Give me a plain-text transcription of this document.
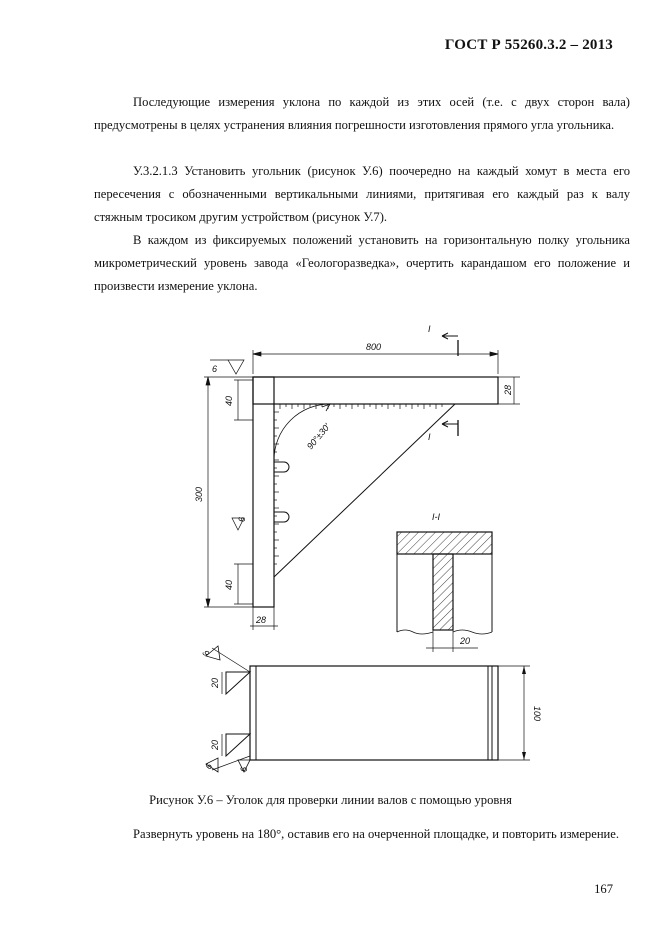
ГОСТ Р 55260.3.2 – 2013
Последующие измерения уклона по каждой из этих осей (т.е. с двух сторон вала) предусмотрены в целях устранения влияния погрешности изготовления прямого угла угольника.
У.3.2.1.3 Установить угольник (рисунок У.6) поочередно на каждый хомут в места его пересечения с обозначенными вертикальными линиями, притягивая его каждый раз к валу стяжным тросиком другим устройством (рисунок У.7).
В каждом из фиксируемых положений установить на горизонтальную полку угольника микрометрический уровень завода «Геологоразведка», очертить карандашом его положение и произвести измерение уклона.
I
I
800
28
40
300
40
28
90°±30'
6
6	I-I
20
6
20
20
6	6
100
Рисунок У.6 – Уголок для проверки линии валов с помощью уровня
Развернуть уровень на 180°, оставив его на очерченной площадке, и повторить измерение.
167
